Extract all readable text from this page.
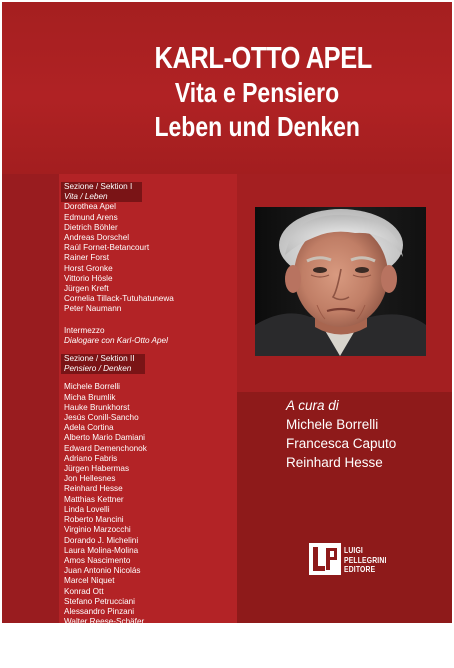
KARL-OTTO APEL
Vita e Pensiero
Leben und Denken
Sezione / Sektion I
Vita / Leben
Dorothea Apel
Edmund Arens
Dietrich Böhler
Andreas Dorschel
Raúl Fornet-Betancourt
Rainer Forst
Horst Gronke
Vittorio Hösle
Jürgen Kreft
Cornelia Tillack-Tutuhatunewa
Peter Naumann
Intermezzo
Dialogare con Karl-Otto Apel
Sezione / Sektion II
Pensiero / Denken
Michele Borrelli
Micha Brumlik
Hauke Brunkhorst
Jesús Conill-Sancho
Adela Cortina
Alberto Mario Damiani
Edward Demenchonok
Adriano Fabris
Jürgen Habermas
Jon Hellesnes
Reinhard Hesse
Matthias Kettner
Linda Lovelli
Roberto Mancini
Virginio Marzocchi
Dorando J. Michelini
Laura Molina-Molina
Amos Nascimento
Juan Antonio Nicolás
Marcel Niquet
Konrad Ott
Stefano Petrucciani
Alessandro Pinzani
Walter Reese-Schäfer
Hans Schelkshorn
Piet Strydom
René von Schomberg
Anatoliy Yermolenko
A cura di
Michele Borrelli
Francesca Caputo
Reinhard Hesse
LUIGI
PELLEGRINI
EDITORE
